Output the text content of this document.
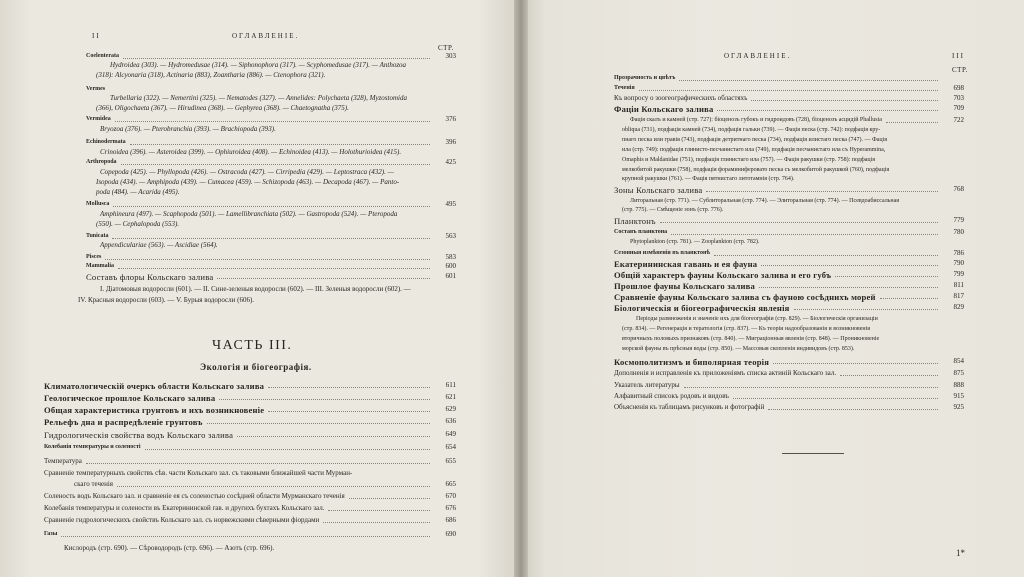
II	ОГЛАВЛЕНІЕ.
СТР.
ЧАСТЬ III.
Экологія и біогеографія.
Coelenterata	303
Hydroidea (303). — Hydromedusae (314). — Siphonophora (317). — Scyphomedusae (317). — Anthozoa
(318): Alcyonaria (318), Actinaria (883), Zoantharia (886). — Ctenophora (321).
Vermes
Turbellaria (322). — Nemertini (325). — Nematodes (327). — Annelides: Polychaeta (328), Myzostomida
(366), Oligochaeta (367). — Hirudinea (368). — Gephyrea (368). — Chaetognatha (375).
Vermidea	376
Bryozoa (376). — Pterobranchia (393). — Brachiopoda (393).
Echinodermata	396
Crinoidea (396). — Asteroidea (399). — Ophiuroidea (408). — Echinoidea (413). — Holothurioidea (415).
Arthropoda	425
Copepoda (425). — Phyllopoda (426). — Ostracoda (427). — Cirripedia (429). — Leptostraca (432). —
Isopoda (434). — Amphipoda (439). — Cumacea (459). — Schizopoda (463). — Decapoda (467). — Panto-
poda (484). — Acarida (495).
Mollusca	495
Amphineura (497). — Scaphopoda (501). — Lamellibranchiata (502). — Gastropoda (524). — Pteropoda
(550). — Cephalopoda (553).
Tunicata	563
Appendiculariae (563). — Ascidiae (564).
Pisces	583
Mammalia	600
Составъ флоры Кольскаго залива	601
I. Діатомовыя водоросли (601). — II. Сине-зеленыя водоросли (602). — III. Зеленыя водоросли (602). —
IV. Красныя водоросли (603). — V. Бурыя водоросли (606).
Климатологическій очеркъ области Кольскаго залива	611
Геологическое прошлое Кольскаго залива	621
Общая характеристика грунтовъ и ихъ возникновеніе	629
Рельефъ дна и распредѣленіе грунтовъ	636
Гидрологическія свойства водъ Кольскаго залива	649
Колебанія температуры и соленості	654
Температура	655
Сравненіе температурныхъ свойствъ сѣв. части Кольскаго зал. съ таковыми ближайшей части Мурман-
скаго теченія	665
Соленость водъ Кольскаго зал. и сравненіе ея съ соленостью сосѣдней области Мурманскаго теченія	670
Колебанія температуры и солености въ Екатерининской гав. и другихъ бухтахъ Кольскаго зал.	676
Сравненіе гидрологическихъ свойствъ Кольскаго зал. съ норвежскими сѣверными фіордами	686
Газы	690
Кислородъ (стр. 690). — Сѣроводородъ (стр. 696). — Азотъ (стр. 696).
ОГЛАВЛЕНІЕ.	III
СТР.
1*
Прозрачность и цвѣтъ
Теченія	698
Къ вопросу о зоогеографическихъ областяхъ	703
Фаціи Кольскаго залива	709
Фація скалъ и камней (стр. 727): біоценозъ губокъ и гидроидовъ (728), біоценозъ асцидій Phallusia	722
obliqua (731), подфація камней (734), подфація гальки (739). — Фація песка (стр. 742): подфація кру-
пнаго песка или гравія (743), подфація детритнаго песка (734), подфація илистаго песка (747). — Фація
ила (стр. 749): подфація глинисто-песчанистаго ила (749), подфація песчанистаго ила съ Hyperammina,
Omaphis и Maldanidae (751), подфація глинистаго ила (757). — Фація ракушки (стр. 758): подфація
мелкобитой ракушки (758), подфація фораминиферовато песка съ мелкобитой ракушкой (760), подфація
крупной ракушки (761). — Фація пятнистаго литотамнія (стр. 764).
Зоны Кольскаго залива	768
Литоральная (стр. 771). — Сублиторальная (стр. 774). — Элиторальная (стр. 774). — Псевдоабиссальная
(стр. 775). — Смѣщеніе зонъ (стр. 776).
Планктонъ	779
Составъ планктона	780
Phytoplankton (стр. 781). — Zooplankton (стр. 782).
Сезонныя измѣненія въ планктонѣ	786
Екатерининская гавань и ея фауна	790
Общій характеръ фауны Кольскаго залива и его губъ	799
Прошлое фауны Кольскаго залива	811
Сравненіе фауны Кольскаго залива съ фауною сосѣднихъ морей	817
Біологическія и біогеографическія явленія	829
Періоды размноженія и значеніе ихъ для біогеографіи (стр. 829). — Біологическія организаціи
(стр. 834). — Регенерація и тератологія (стр. 837). — Къ теоріи надообразованія и возникновенія
вторичныхъ половыхъ признаковъ (стр. 840). — Миграціонныя явленія (стр. 848). — Проникновеніе
морской фауны въ прѣсныя воды (стр. 850). — Массовыя скопленія индивидовъ (стр. 853).
Космополитизмъ и биполярная теорія	854
Дополненія и исправленія къ приложеніямъ списка актиній Кольскаго зал.	875
Указатель литературы	888
Алфавитный списокъ родовъ и видовъ	915
Объясненія къ таблицамъ рисунковъ и фотографій	925
